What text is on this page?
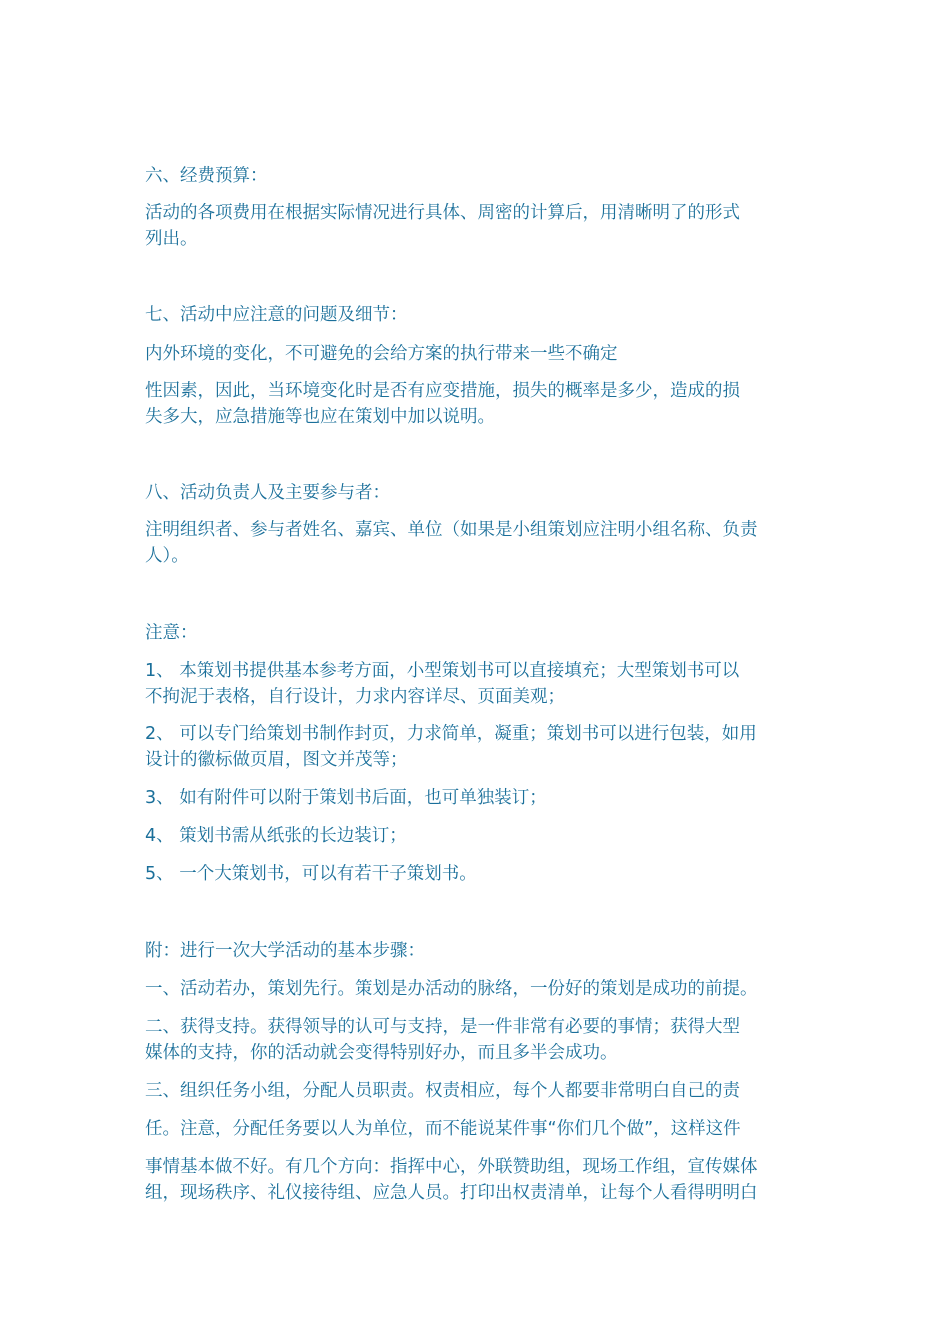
六、经费预算：
活动的各项费用在根据实际情况进行具体、周密的计算后，用清晰明了的形式
列出。
七、活动中应注意的问题及细节：
内外环境的变化，不可避免的会给方案的执行带来一些不确定
性因素，因此，当环境变化时是否有应变措施，损失的概率是多少，造成的损
失多大，应急措施等也应在策划中加以说明。
八、活动负责人及主要参与者：
注明组织者、参与者姓名、嘉宾、单位（如果是小组策划应注明小组名称、负责
人）。
注意：
1、 本策划书提供基本参考方面，小型策划书可以直接填充；大型策划书可以
不拘泥于表格，自行设计，力求内容详尽、页面美观；
2、 可以专门给策划书制作封页，力求简单，凝重；策划书可以进行包装，如用
设计的徽标做页眉，图文并茂等；
3、 如有附件可以附于策划书后面，也可单独装订；
4、 策划书需从纸张的长边装订；
5、 一个大策划书，可以有若干子策划书。
附：进行一次大学活动的基本步骤：
一、活动若办，策划先行。策划是办活动的脉络，一份好的策划是成功的前提。
二、获得支持。获得领导的认可与支持，是一件非常有必要的事情；获得大型
媒体的支持，你的活动就会变得特别好办，而且多半会成功。
三、组织任务小组，分配人员职责。权责相应，每个人都要非常明白自己的责
任。注意，分配任务要以人为单位，而不能说某件事“你们几个做”，这样这件
事情基本做不好。有几个方向：指挥中心，外联赞助组，现场工作组，宣传媒体
组，现场秩序、礼仪接待组、应急人员。打印出权责清单，让每个人看得明明白
